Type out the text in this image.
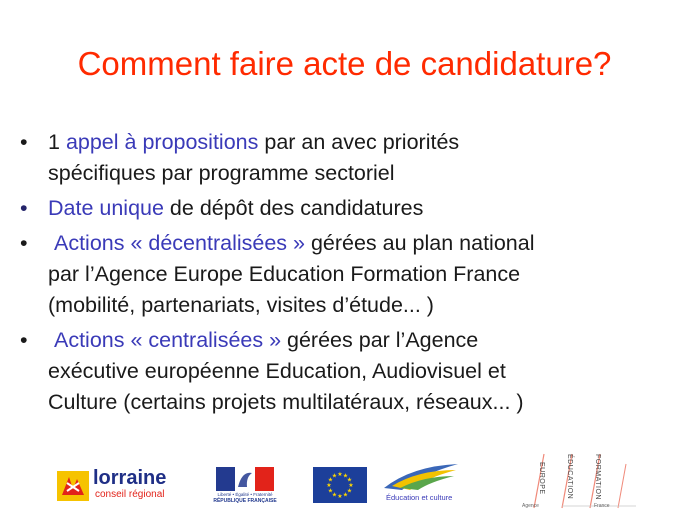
Comment faire acte de candidature?
• 1 appel à propositions par an avec priorités
spécifiques par programme sectoriel
• Date unique de dépôt des candidatures
• Actions « décentralisées » gérées au plan national
par l’Agence Europe Education Formation France
(mobilité, partenariats, visites d’étude... )
• Actions « centralisées » gérées par l’Agence
exécutive européenne Education, Audiovisuel et
Culture (certains projets multilatéraux, réseaux... )
lorraine
conseil régional	Liberté • Égalité • Fraternité
RÉPUBLIQUE FRANÇAISE
★ ★
★
★
★
★
★
★
★
★
★
★
Éducation et culture
EUROPE	ÉDUCATION	FORMATION
Agence	France
